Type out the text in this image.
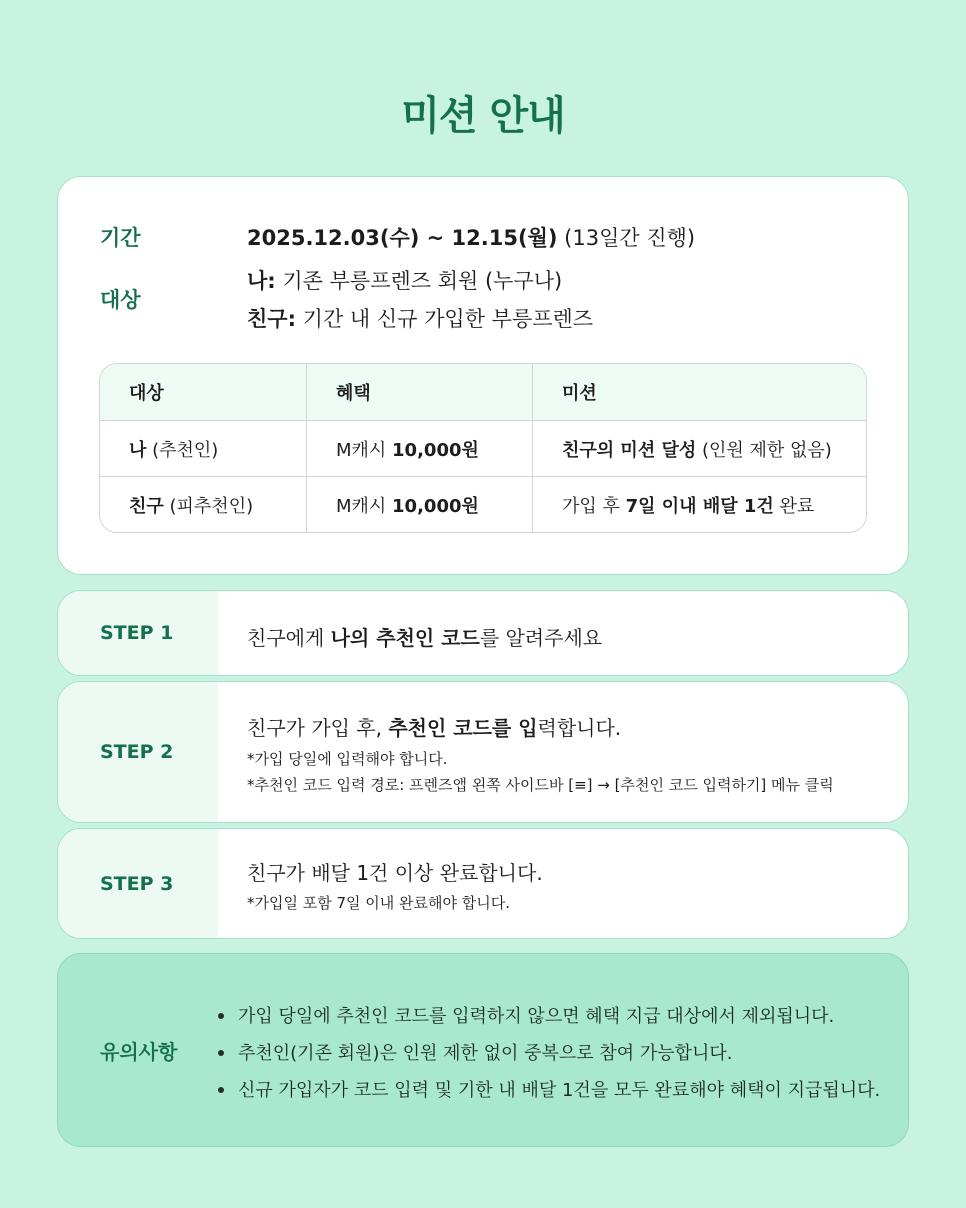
미션 안내
기간	2025.12.03(수) ~ 12.15(월) (13일간 진행)
대상
나: 기존 부릉프렌즈 회원 (누구나)
친구: 기간 내 신규 가입한 부릉프렌즈
대상	혜택	미션
나 (추천인)	M캐시 10,000원	친구의 미션 달성 (인원 제한 없음)
친구 (피추천인)	M캐시 10,000원	가입 후 7일 이내 배달 1건 완료
STEP 1	친구에게 나의 추천인 코드를 알려주세요
STEP 2
친구가 가입 후, 추천인 코드를 입력합니다.
*가입 당일에 입력해야 합니다.
*추천인 코드 입력 경로: 프렌즈앱 왼쪽 사이드바 [≡] → [추천인 코드 입력하기] 메뉴 클릭
STEP 3	친구가 배달 1건 이상 완료합니다.
*가입일 포함 7일 이내 완료해야 합니다.
유의사항
가입 당일에 추천인 코드를 입력하지 않으면 혜택 지급 대상에서 제외됩니다.
추천인(기존 회원)은 인원 제한 없이 중복으로 참여 가능합니다.
신규 가입자가 코드 입력 및 기한 내 배달 1건을 모두 완료해야 혜택이 지급됩니다.
